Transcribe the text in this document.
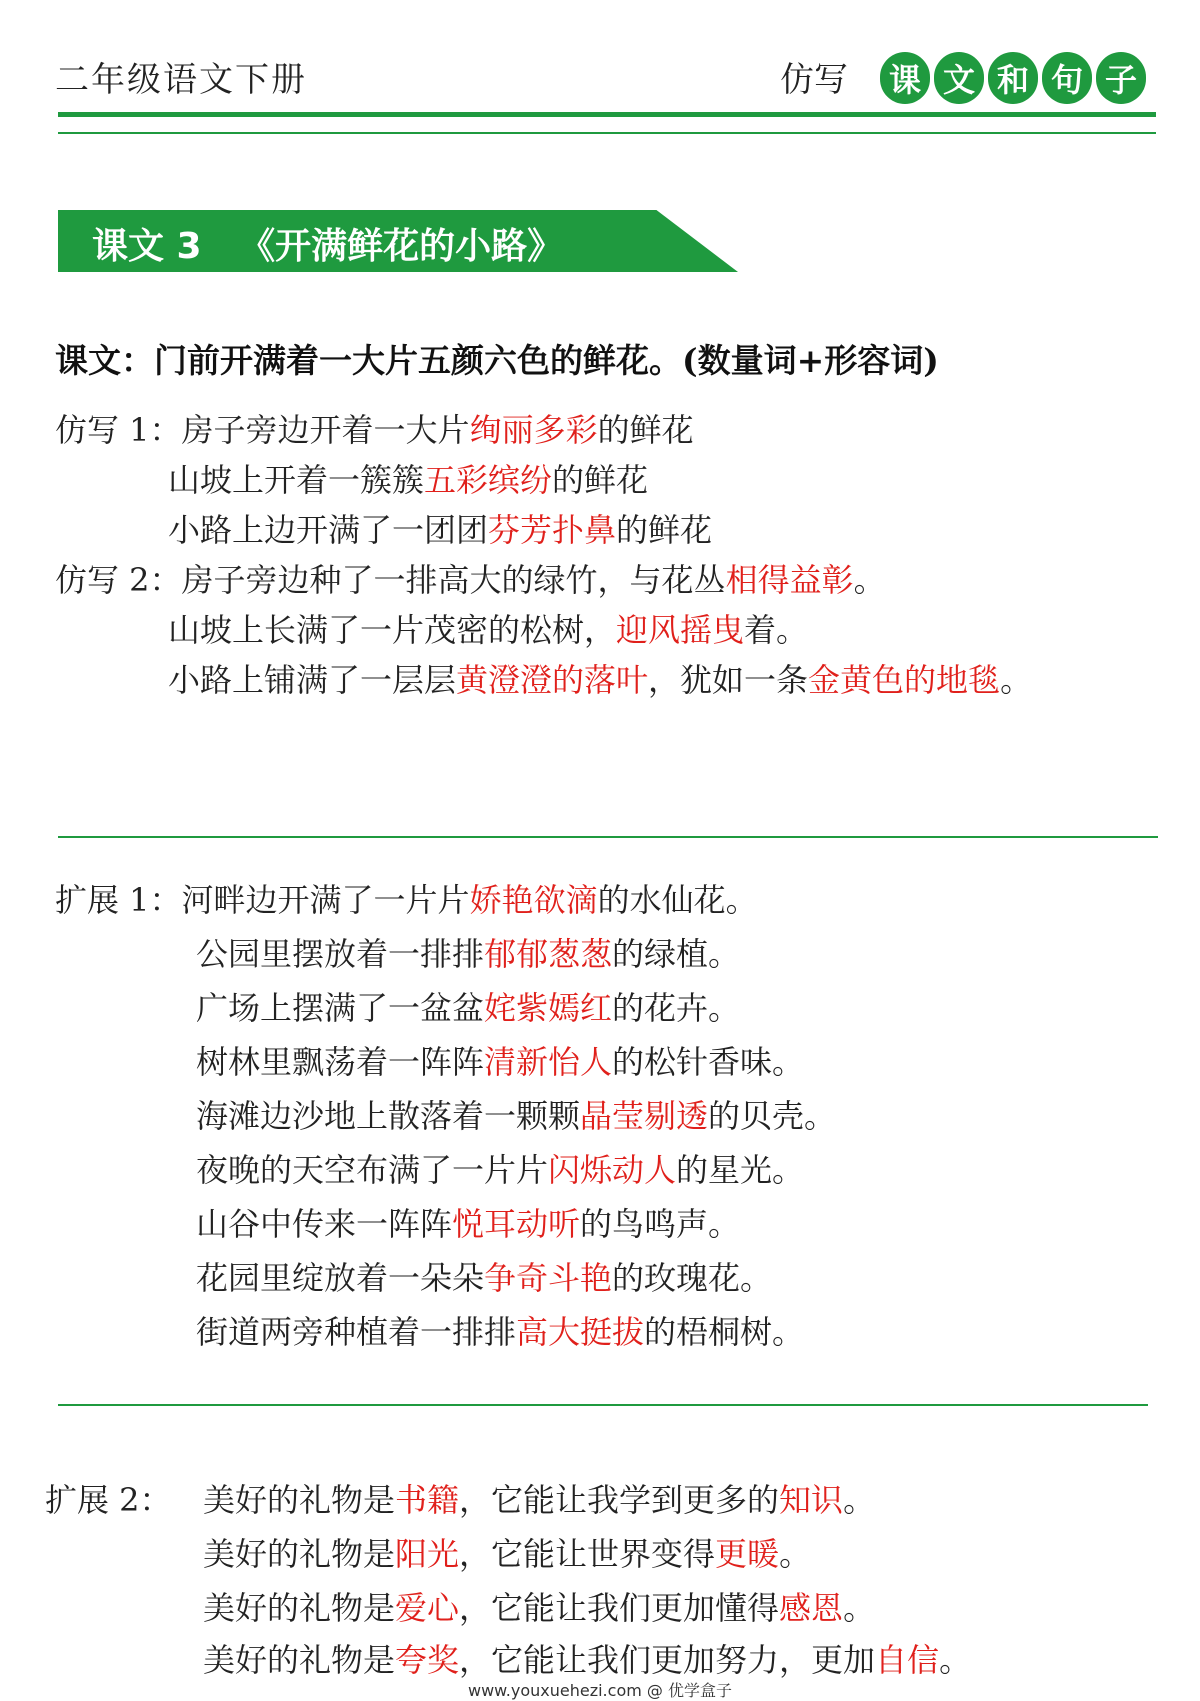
二年级语文下册	仿写 课 文 和 句 子
课文 3   《开满鲜花的小路》
课文：门前开满着一大片五颜六色的鲜花。(数量词+形容词)
仿写 1：房子旁边开着一大片绚丽多彩的鲜花
山坡上开着一簇簇五彩缤纷的鲜花
小路上边开满了一团团芬芳扑鼻的鲜花
仿写 2：房子旁边种了一排高大的绿竹，与花丛相得益彰。
山坡上长满了一片茂密的松树，迎风摇曳着。
小路上铺满了一层层黄澄澄的落叶，犹如一条金黄色的地毯。
扩展 1：河畔边开满了一片片娇艳欲滴的水仙花。
公园里摆放着一排排郁郁葱葱的绿植。
广场上摆满了一盆盆姹紫嫣红的花卉。
树林里飘荡着一阵阵清新怡人的松针香味。
海滩边沙地上散落着一颗颗晶莹剔透的贝壳。
夜晚的天空布满了一片片闪烁动人的星光。
山谷中传来一阵阵悦耳动听的鸟鸣声。
花园里绽放着一朵朵争奇斗艳的玫瑰花。
街道两旁种植着一排排高大挺拔的梧桐树。
扩展 2： 美好的礼物是书籍，它能让我学到更多的知识。
美好的礼物是阳光，它能让世界变得更暖。
美好的礼物是爱心，它能让我们更加懂得感恩。
美好的礼物是夸奖，它能让我们更加努力，更加自信。
www.youxuehezi.com @ 优学盒子
